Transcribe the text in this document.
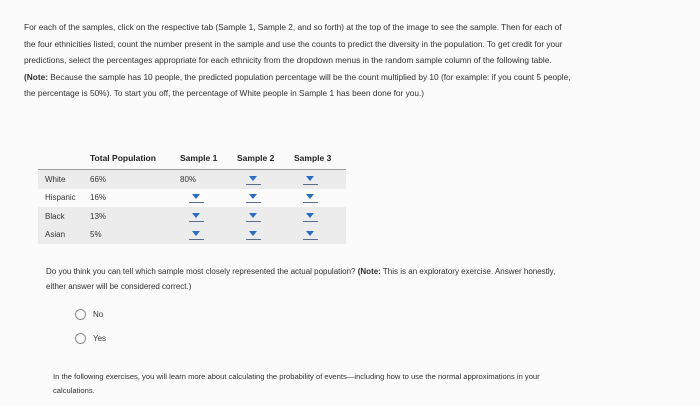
For each of the samples, click on the respective tab (Sample 1, Sample 2, and so forth) at the top of the image to see the sample. Then for each of
the four ethnicities listed, count the number present in the sample and use the counts to predict the diversity in the population. To get credit for your
predictions, select the percentages appropriate for each ethnicity from the dropdown menus in the random sample column of the following table.
(Note: Because the sample has 10 people, the predicted population percentage will be the count multiplied by 10 (for example: if you count 5 people,
the percentage is 50%). To start you off, the percentage of White people in Sample 1 has been done for you.)
	Total Population	Sample 1	Sample 2	Sample 3
White	66%	80%		
Hispanic	16%			
Black	13%			
Asian	5%			
Do you think you can tell which sample most closely represented the actual population? (Note: This is an exploratory exercise. Answer honestly,
either answer will be considered correct.)
No
Yes
In the following exercises, you will learn more about calculating the probability of events—including how to use the normal approximations in your
calculations.
